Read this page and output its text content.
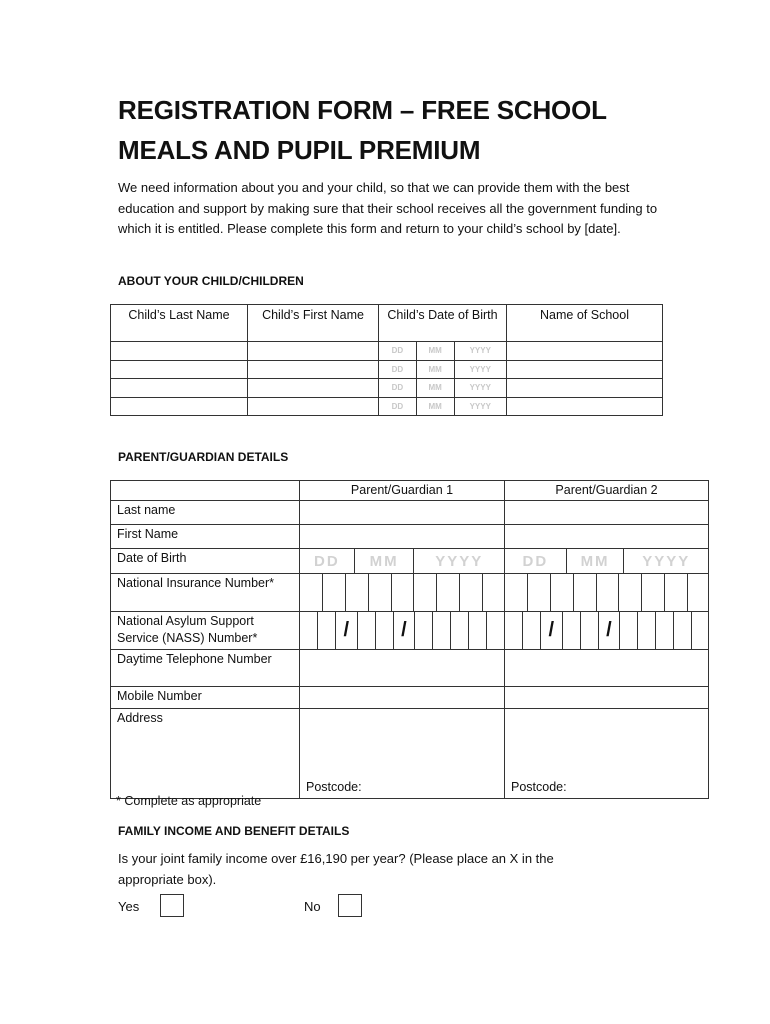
REGISTRATION FORM – FREE SCHOOL MEALS AND PUPIL PREMIUM

We need information about you and your child, so that we can provide them with the best education and support by making sure that their school receives all the government funding to which it is entitled. Please complete this form and return to your child’s school by [date].

ABOUT YOUR CHILD/CHILDREN
Child’s Last Name	Child’s First Name	Child’s Date of Birth	Name of School

		DD MM YYYY	

		DD MM YYYY	

		DD MM YYYY	

		DD MM YYYY	

PARENT/GUARDIAN DETAILS
	Parent/Guardian 1	Parent/Guardian 2
Last name		
First Name		
Date of Birth	DD MM YYYY	DD MM YYYY

National Insurance Number*	

National Asylum Support Service (NASS) Number*	/ /	/ /

Daytime Telephone Number		
Mobile Number		
Address	Postcode:	Postcode:
* Complete as appropriate
FAMILY INCOME AND BENEFIT DETAILS

Is your joint family income over £16,190 per year? (Please place an X in the appropriate box).

Yes	No
